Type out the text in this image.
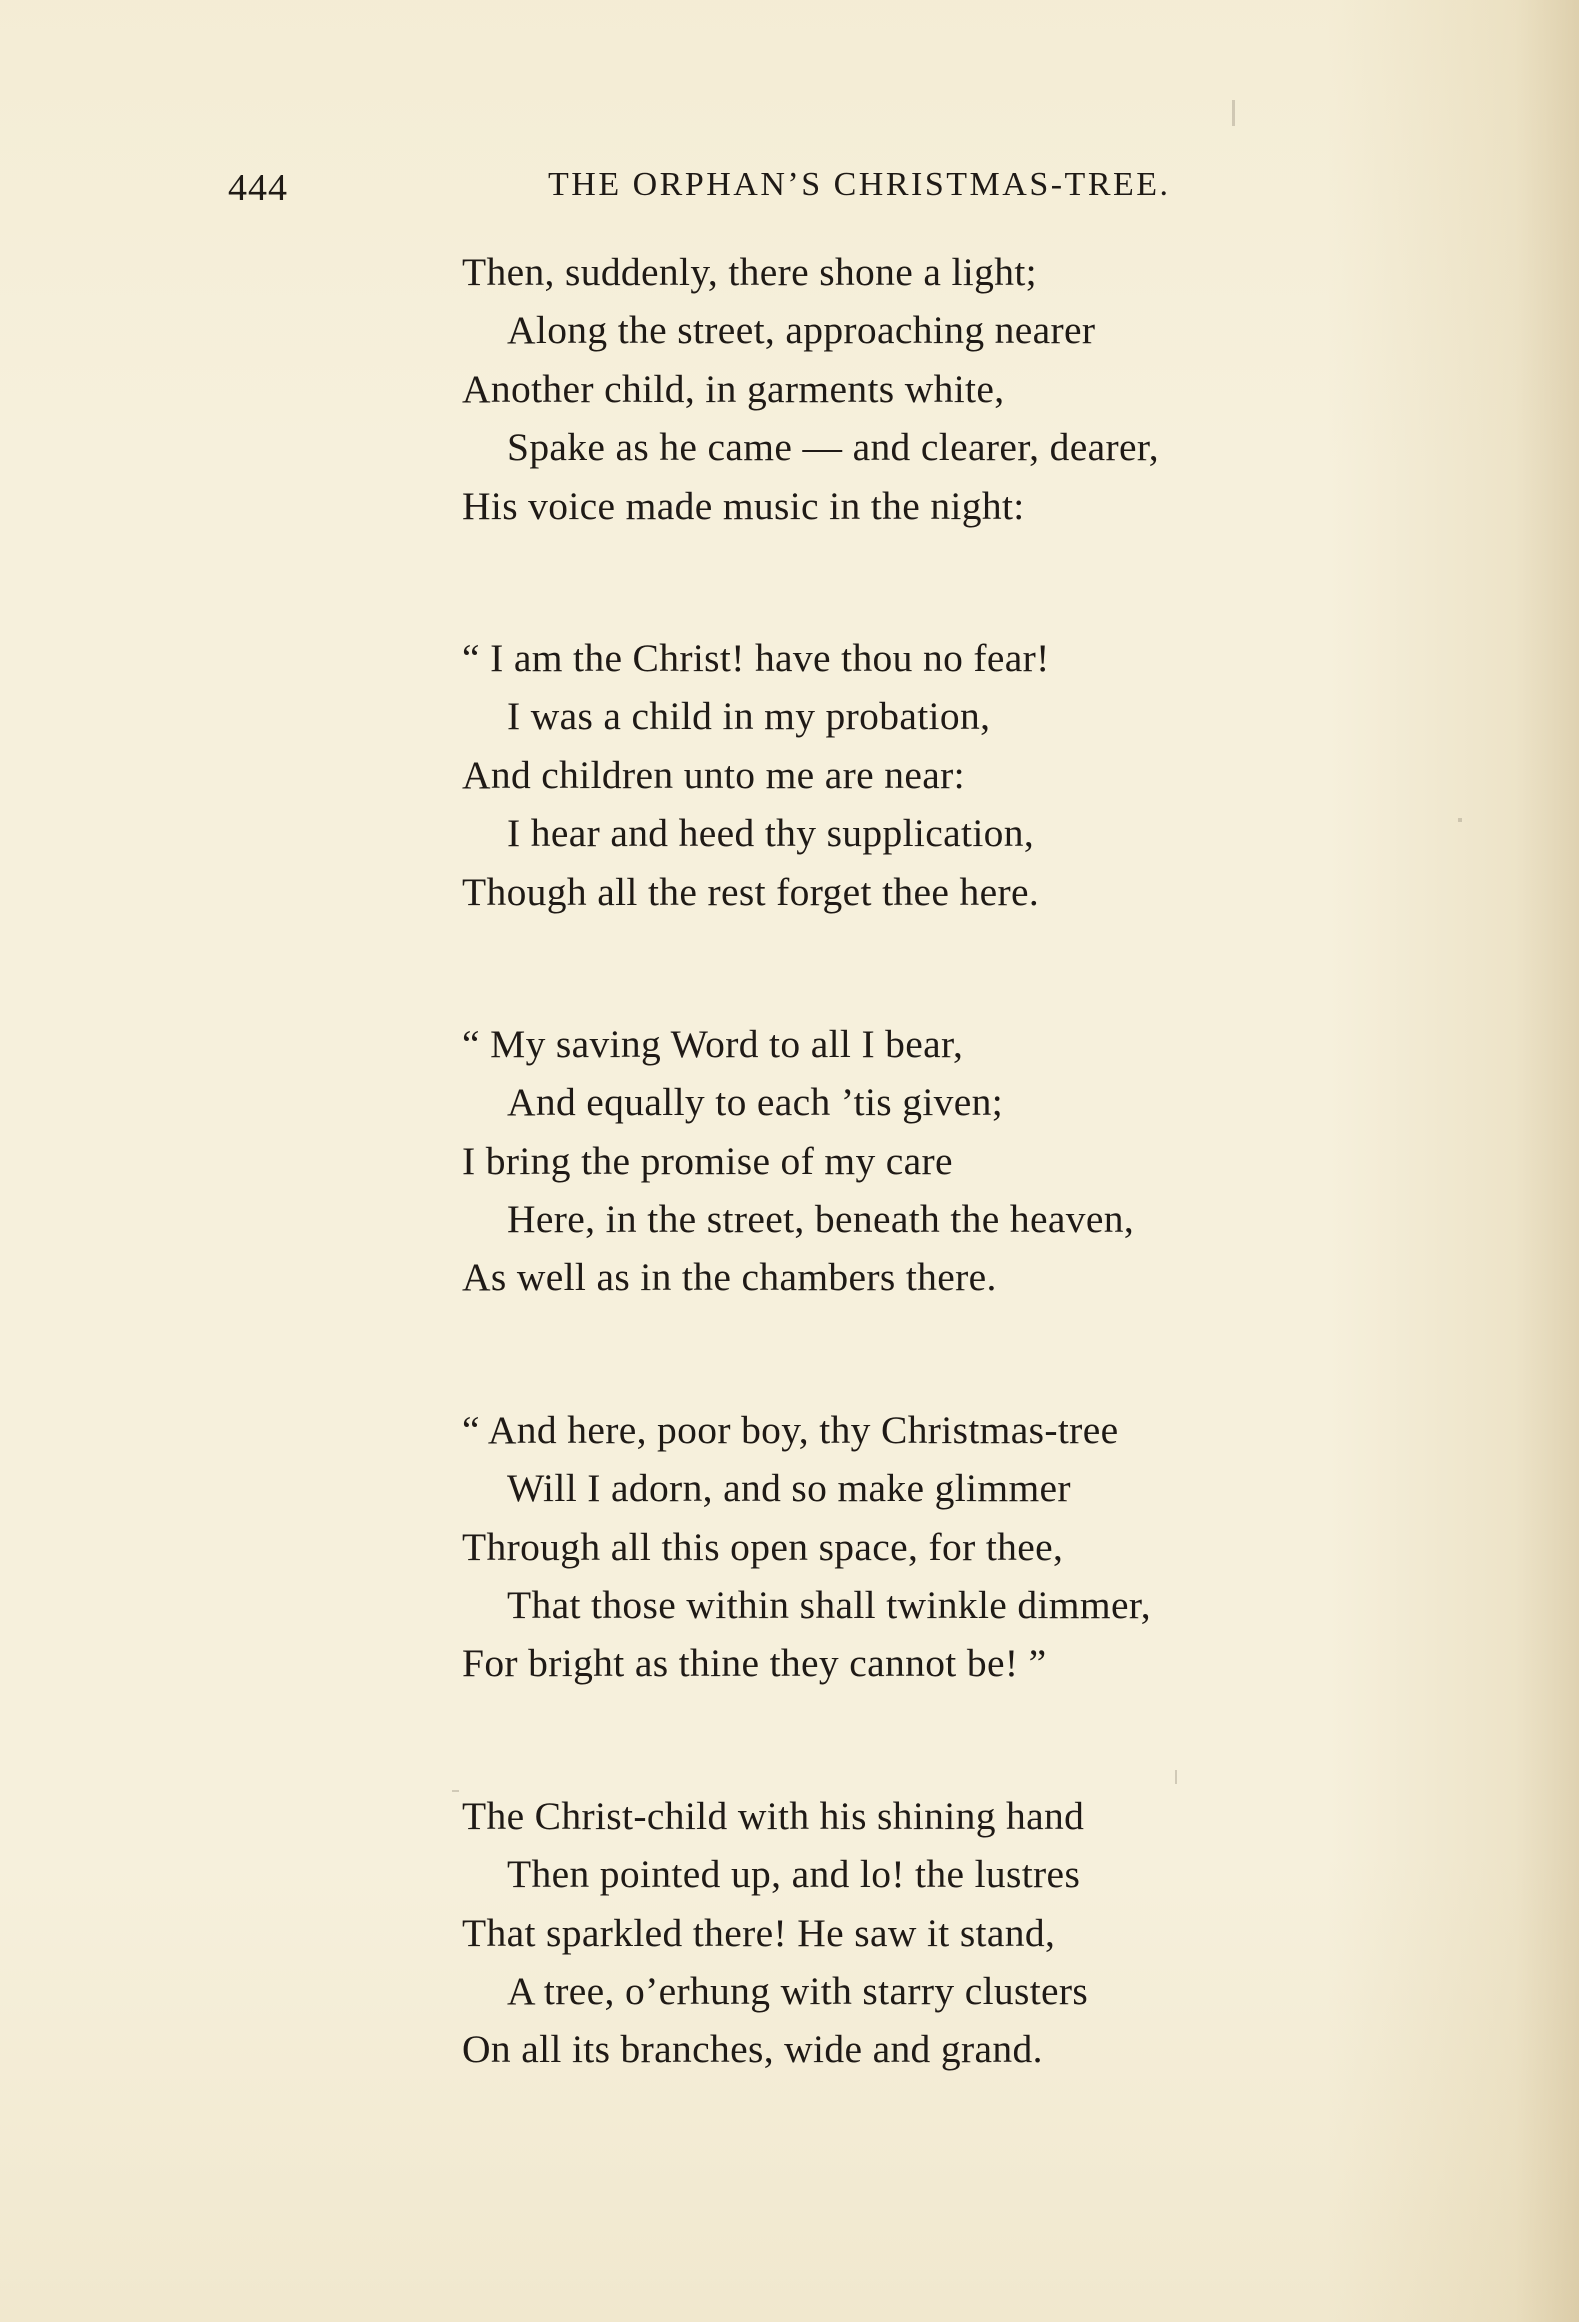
444	THE ORPHAN’S CHRISTMAS-TREE.
Then, suddenly, there shone a light;
Along the street, approaching nearer
Another child, in garments white,
Spake as he came — and clearer, dearer,
His voice made music in the night:
“ I am the Christ! have thou no fear!
I was a child in my probation,
And children unto me are near:
I hear and heed thy supplication,
Though all the rest forget thee here.
“ My saving Word to all I bear,
And equally to each ’tis given;
I bring the promise of my care
Here, in the street, beneath the heaven,
As well as in the chambers there.
“ And here, poor boy, thy Christmas-tree
Will I adorn, and so make glimmer
Through all this open space, for thee,
That those within shall twinkle dimmer,
For bright as thine they cannot be! ”
The Christ-child with his shining hand
Then pointed up, and lo! the lustres
That sparkled there! He saw it stand,
A tree, o’erhung with starry clusters
On all its branches, wide and grand.
